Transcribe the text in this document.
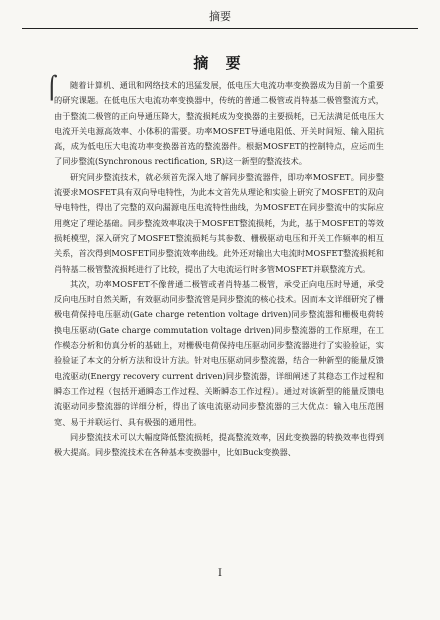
摘要
摘 要
⌠	随着计算机、通讯和网络技术的迅猛发展，低电压大电流功率变换器成为目前一个重要的研究课题。在低电压大电流功率变换器中，传统的普通二极管或肖特基二极管整流方式，由于整流二极管的正向导通压降大，整流损耗成为变换器的主要损耗，已无法满足低电压大电流开关电源高效率、小体积的需要。功率MOSFET导通电阻低、开关时间短、输入阻抗高，成为低电压大电流功率变换器首选的整流器件。根据MOSFET的控制特点，应运而生了同步整流(Synchronous rectification, SR)这一新型的整流技术。

研究同步整流技术，就必须首先深入地了解同步整流器件，即功率MOSFET。同步整流要求MOSFET具有双向导电特性，为此本文首先从理论和实验上研究了MOSFET的双向导电特性，得出了完整的双向漏源电压电流特性曲线，为MOSFET在同步整流中的实际应用奠定了理论基础。同步整流效率取决于MOSFET整流损耗，为此，基于MOSFET的等效损耗模型，深入研究了MOSFET整流损耗与其参数、栅极驱动电压和开关工作频率的相互关系，首次得到MOSFET同步整流效率曲线。此外还对输出大电流时MOSFET整流损耗和肖特基二极管整流损耗进行了比较，提出了大电流运行时多管MOSFET并联整流方式。

其次，功率MOSFET不像普通二极管或者肖特基二极管，承受正向电压时导通，承受反向电压时自然关断，有效驱动同步整流管是同步整流的核心技术。因而本文详细研究了栅极电荷保持电压驱动(Gate charge retention voltage driven)同步整流器和栅极电荷转换电压驱动(Gate charge commutation voltage driven)同步整流器的工作原理，在工作模态分析和仿真分析的基础上，对栅极电荷保持电压驱动同步整流器进行了实验验证，实验验证了本文的分析方法和设计方法。针对电压驱动同步整流器，结合一种新型的能量反馈电流驱动(Energy recovery current driven)同步整流器，详细阐述了其稳态工作过程和瞬态工作过程（包括开通瞬态工作过程、关断瞬态工作过程）。通过对该新型的能量反馈电流驱动同步整流器的详细分析，得出了该电流驱动同步整流器的三大优点：输入电压范围宽、易于并联运行、具有极强的通用性。

同步整流技术可以大幅度降低整流损耗，提高整流效率，因此变换器的转换效率也得到极大提高。同步整流技术在各种基本变换器中，比如Buck变换器、

I
